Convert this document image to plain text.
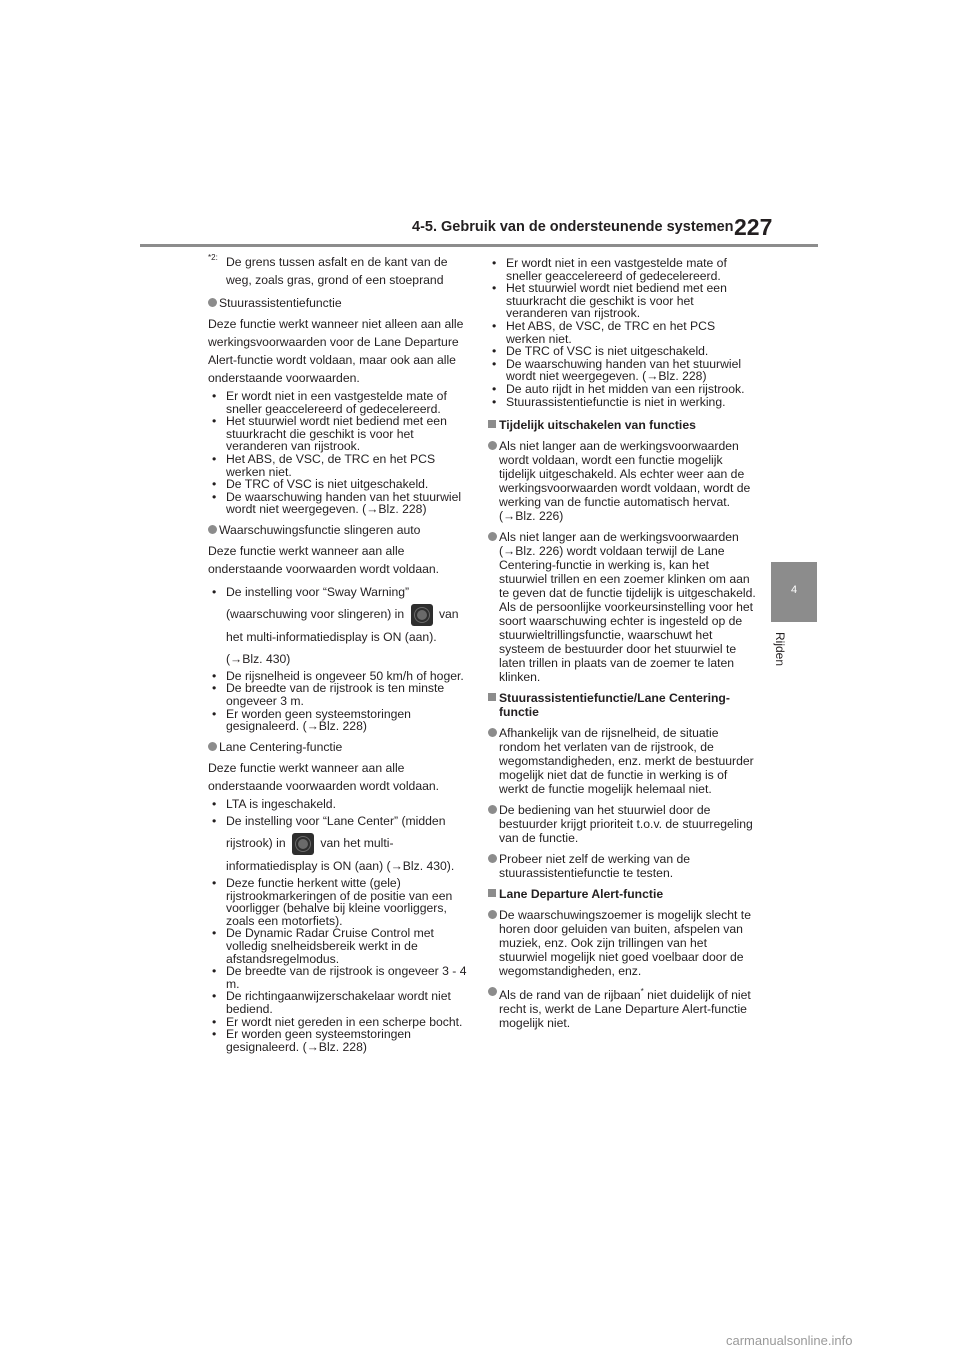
4-5. Gebruik van de ondersteunende systemen 227
4
Rijden
*2: De grens tussen asfalt en de kant van de weg, zoals gras, grond of een stoeprand
Stuurassistentiefunctie

Deze functie werkt wanneer niet alleen aan alle werkingsvoorwaarden voor de Lane Departure Alert-functie wordt voldaan, maar ook aan alle onderstaande voorwaarden.

• Er wordt niet in een vastgestelde mate of sneller geaccelereerd of gedecelereerd.
• Het stuurwiel wordt niet bediend met een stuurkracht die geschikt is voor het veranderen van rijstrook.
• Het ABS, de VSC, de TRC en het PCS werken niet.
• De TRC of VSC is niet uitgeschakeld.
• De waarschuwing handen van het stuurwiel wordt niet weergegeven. (→Blz. 228)
Waarschuwingsfunctie slingeren auto

Deze functie werkt wanneer aan alle onderstaande voorwaarden wordt voldaan.

• De instelling voor “Sway Warning” (waarschuwing voor slingeren) in	van het multi-informatiedisplay is ON (aan). (→Blz. 430)
• De rijsnelheid is ongeveer 50 km/h of hoger.
• De breedte van de rijstrook is ten minste ongeveer 3 m.
• Er worden geen systeemstoringen gesignaleerd. (→Blz. 228)
Lane Centering-functie

Deze functie werkt wanneer aan alle onderstaande voorwaarden wordt voldaan.

• LTA is ingeschakeld.
• De instelling voor “Lane Center” (midden rijstrook) in	van het multi-informatiedisplay is ON (aan) (→Blz. 430).
• Deze functie herkent witte (gele) rijstrookmarkeringen of de positie van een voorligger (behalve bij kleine voorliggers, zoals een motorfiets).
• De Dynamic Radar Cruise Control met volledig snelheidsbereik werkt in de afstandsregelmodus.
• De breedte van de rijstrook is ongeveer 3 - 4 m.
• De richtingaanwijzerschakelaar wordt niet bediend.
• Er wordt niet gereden in een scherpe bocht.
• Er worden geen systeemstoringen gesignaleerd. (→Blz. 228)
• Er wordt niet in een vastgestelde mate of sneller geaccelereerd of gedecelereerd.
• Het stuurwiel wordt niet bediend met een stuurkracht die geschikt is voor het veranderen van rijstrook.
• Het ABS, de VSC, de TRC en het PCS werken niet.
• De TRC of VSC is niet uitgeschakeld.
• De waarschuwing handen van het stuurwiel wordt niet weergegeven. (→Blz. 228)
• De auto rijdt in het midden van een rijstrook.
• Stuurassistentiefunctie is niet in werking.
Tijdelijk uitschakelen van functies
Als niet langer aan de werkingsvoorwaarden wordt voldaan, wordt een functie mogelijk tijdelijk uitgeschakeld. Als echter weer aan de werkingsvoorwaarden wordt voldaan, wordt de werking van de functie automatisch hervat. (→Blz. 226)
Als niet langer aan de werkingsvoorwaarden (→Blz. 226) wordt voldaan terwijl de Lane Centering-functie in werking is, kan het stuurwiel trillen en een zoemer klinken om aan te geven dat de functie tijdelijk is uitgeschakeld. Als de persoonlijke voorkeursinstelling voor het soort waarschuwing echter is ingesteld op de stuurwieltrillingsfunctie, waarschuwt het systeem de bestuurder door het stuurwiel te laten trillen in plaats van de zoemer te laten klinken.
Stuurassistentiefunctie/Lane Centering-functie
Afhankelijk van de rijsnelheid, de situatie rondom het verlaten van de rijstrook, de wegomstandigheden, enz. merkt de bestuurder mogelijk niet dat de functie in werking is of werkt de functie mogelijk helemaal niet.
De bediening van het stuurwiel door de bestuurder krijgt prioriteit t.o.v. de stuurregeling van de functie.
Probeer niet zelf de werking van de stuurassistentiefunctie te testen.
Lane Departure Alert-functie
De waarschuwingszoemer is mogelijk slecht te horen door geluiden van buiten, afspelen van muziek, enz. Ook zijn trillingen van het stuurwiel mogelijk niet goed voelbaar door de wegomstandigheden, enz.
Als de rand van de rijbaan* niet duidelijk of niet recht is, werkt de Lane Departure Alert-functie mogelijk niet.
carmanualsonline.info
